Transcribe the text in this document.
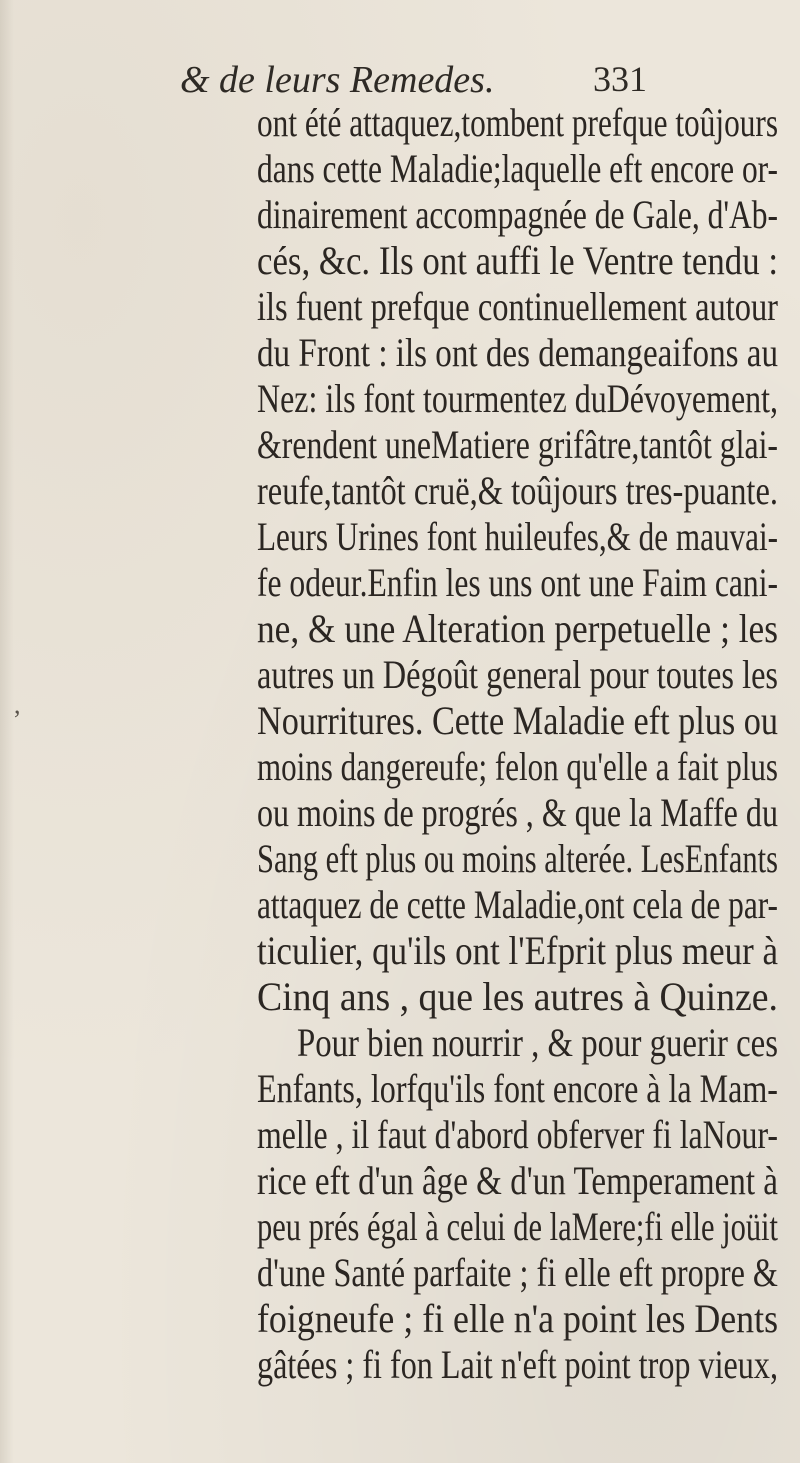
& de leurs Remedes.	331
,
ont été attaquez,tombent prefque toûjours
dans cette Maladie;laquelle eft encore or-
dinairement accompagnée de Gale, d'Ab-
cés, &c. Ils ont auffi le Ventre tendu :
ils fuent prefque continuellement autour
du Front : ils ont des demangeaifons au
Nez: ils font tourmentez duDévoyement,
&rendent uneMatiere grifâtre,tantôt glai-
reufe,tantôt cruë,& toûjours tres-puante.
Leurs Urines font huileufes,& de mauvai-
fe odeur.Enfin les uns ont une Faim cani-
ne, & une Alteration perpetuelle ; les
autres un Dégoût general pour toutes les
Nourritures. Cette Maladie eft plus ou
moins dangereufe; felon qu'elle a fait plus
ou moins de progrés , & que la Maffe du
Sang eft plus ou moins alterée. LesEnfants
attaquez de cette Maladie,ont cela de par-
ticulier, qu'ils ont l'Efprit plus meur à
Cinq ans , que les autres à Quinze.
Pour bien nourrir , & pour guerir ces
Enfants, lorfqu'ils font encore à la Mam-
melle , il faut d'abord obferver fi laNour-
rice eft d'un âge & d'un Temperament à
peu prés égal à celui de laMere;fi elle joüit
d'une Santé parfaite ; fi elle eft propre &
foigneufe ; fi elle n'a point les Dents
gâtées ; fi fon Lait n'eft point trop vieux,
